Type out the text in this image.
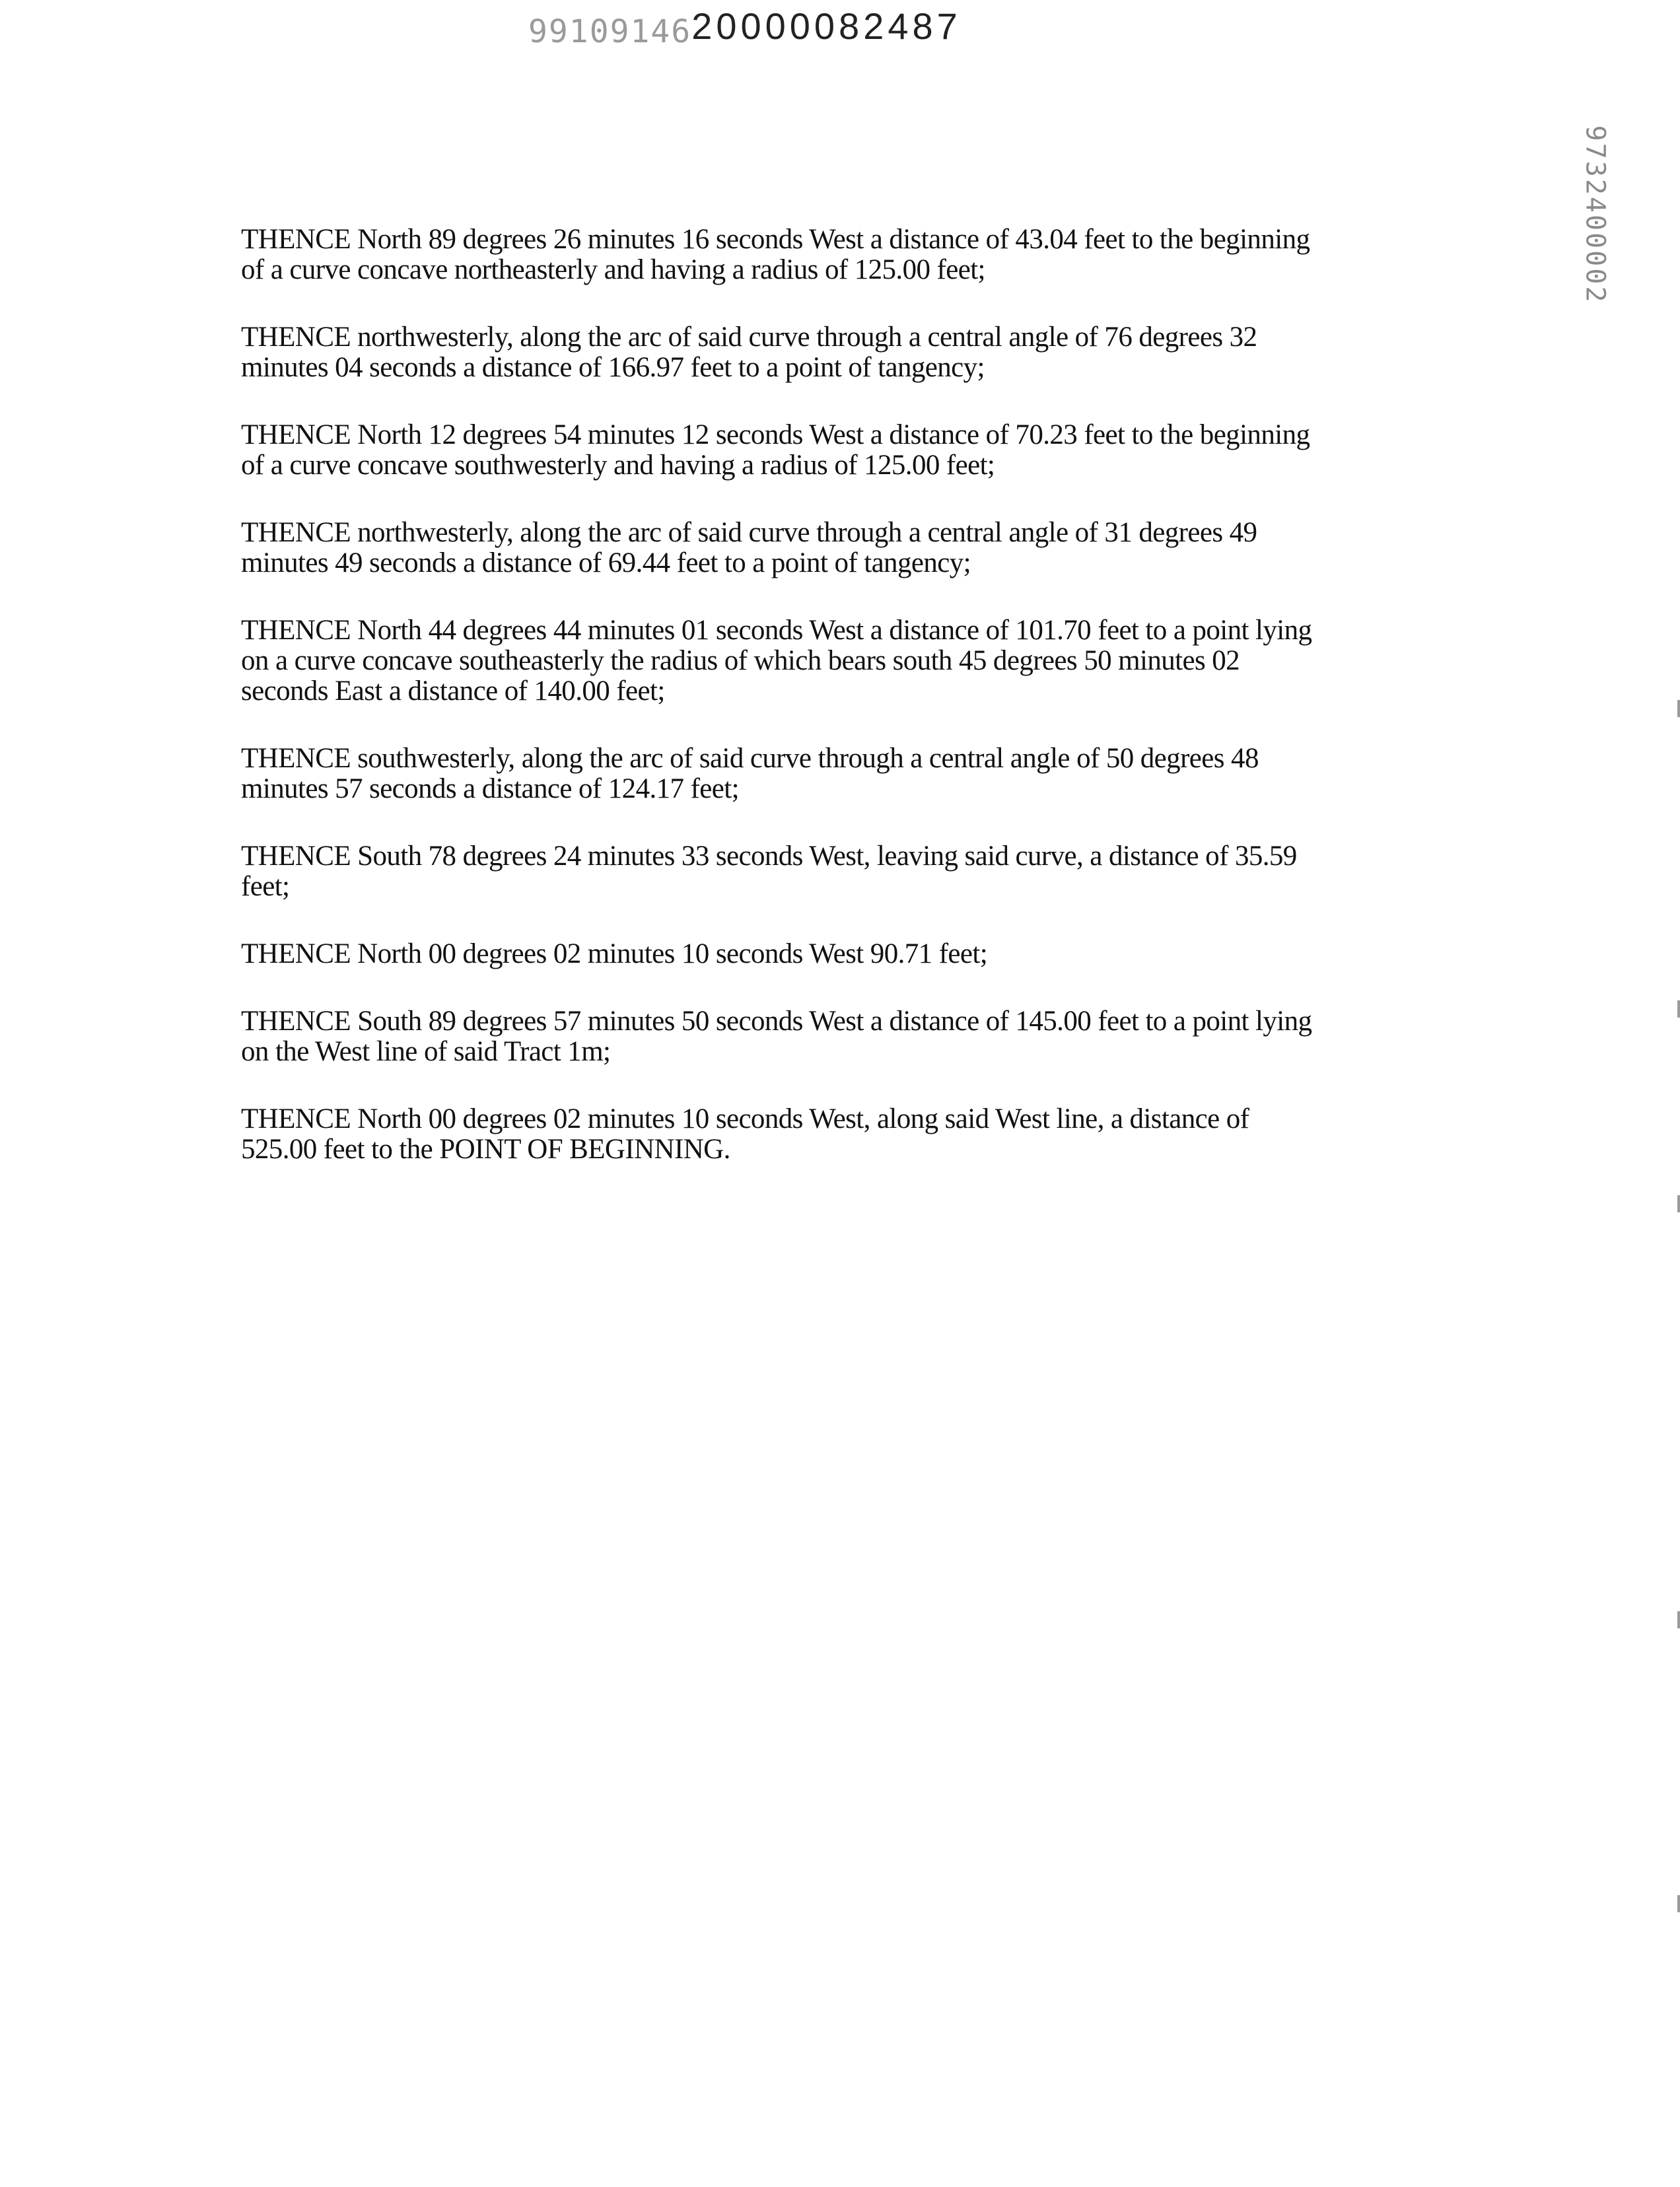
99109146 20000082487
9732400002

THENCE North 89 degrees 26 minutes 16 seconds West a distance of 43.04 feet to the beginning
of a curve concave northeasterly and having a radius of 125.00 feet;

THENCE northwesterly, along the arc of said curve through a central angle of 76 degrees 32
minutes 04 seconds a distance of 166.97 feet to a point of tangency;

THENCE North 12 degrees 54 minutes 12 seconds West a distance of 70.23 feet to the beginning
of a curve concave southwesterly and having a radius of 125.00 feet;

THENCE northwesterly, along the arc of said curve through a central angle of 31 degrees 49
minutes 49 seconds a distance of 69.44 feet to a point of tangency;

THENCE North 44 degrees 44 minutes 01 seconds West a distance of 101.70 feet to a point lying
on a curve concave southeasterly the radius of which bears south 45 degrees 50 minutes 02
seconds East a distance of 140.00 feet;

THENCE southwesterly, along the arc of said curve through a central angle of 50 degrees 48
minutes 57 seconds a distance of 124.17 feet;

THENCE South 78 degrees 24 minutes 33 seconds West, leaving said curve, a distance of 35.59
feet;

THENCE North 00 degrees 02 minutes 10 seconds West 90.71 feet;

THENCE South 89 degrees 57 minutes 50 seconds West a distance of 145.00 feet to a point lying
on the West line of said Tract 1m;

THENCE North 00 degrees 02 minutes 10 seconds West, along said West line, a distance of
525.00 feet to the POINT OF BEGINNING.
